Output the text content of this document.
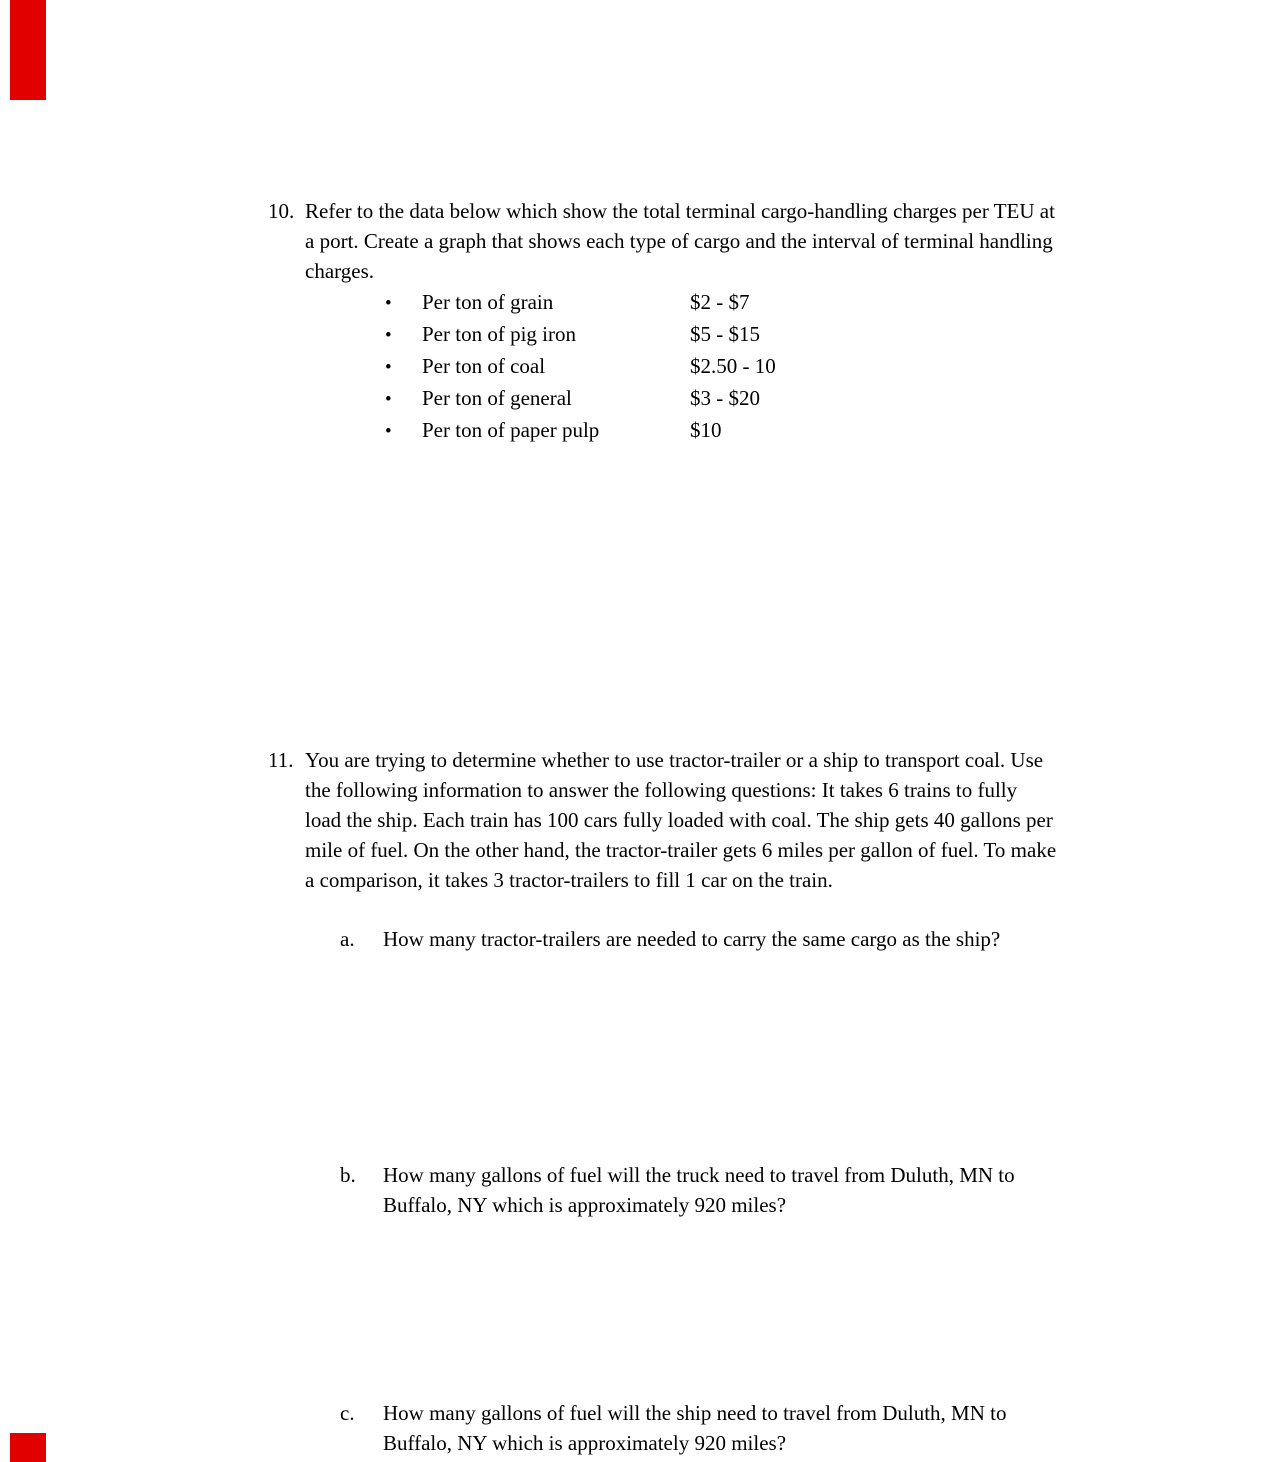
10. Refer to the data below which show the total terminal cargo-handling charges per TEU at a port. Create a graph that shows each type of cargo and the interval of terminal handling charges.
•	Per ton of grain	$2 - $7
•	Per ton of pig iron	$5 - $15
•	Per ton of coal	$2.50 - 10
•	Per ton of general	$3 - $20
•	Per ton of paper pulp	$10
11. You are trying to determine whether to use tractor-trailer or a ship to transport coal. Use the following information to answer the following questions: It takes 6 trains to fully load the ship. Each train has 100 cars fully loaded with coal. The ship gets 40 gallons per mile of fuel. On the other hand, the tractor-trailer gets 6 miles per gallon of fuel. To make a comparison, it takes 3 tractor-trailers to fill 1 car on the train.
a.	How many tractor-trailers are needed to carry the same cargo as the ship?
b.	How many gallons of fuel will the truck need to travel from Duluth, MN to Buffalo, NY which is approximately 920 miles?
c.	How many gallons of fuel will the ship need to travel from Duluth, MN to Buffalo, NY which is approximately 920 miles?
